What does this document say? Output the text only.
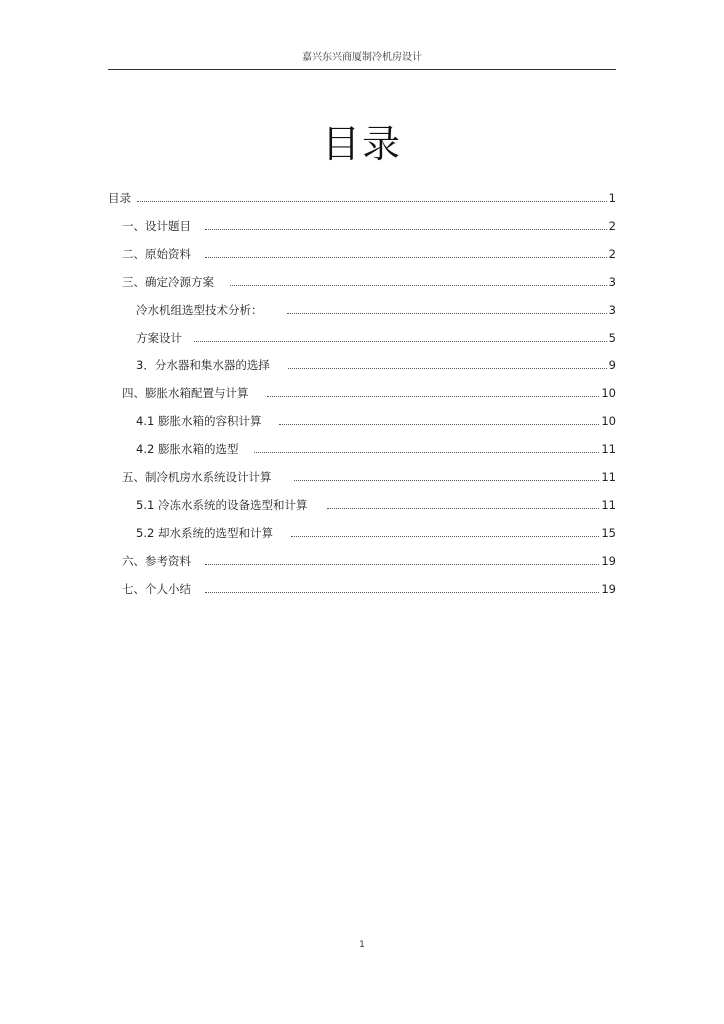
嘉兴东兴商厦制冷机房设计
目录
目录	1
一、设计题目	2
二、原始资料	2
三、确定冷源方案	3
冷水机组选型技术分析：	3
方案设计	5
3．分水器和集水器的选择	9
四、膨胀水箱配置与计算	10
4.1 膨胀水箱的容积计算	10
4.2 膨胀水箱的选型	11
五、制冷机房水系统设计计算	11
5.1 冷冻水系统的设备选型和计算	11
5.2 却水系统的选型和计算	15
六、参考资料	19
七、个人小结	19
1
